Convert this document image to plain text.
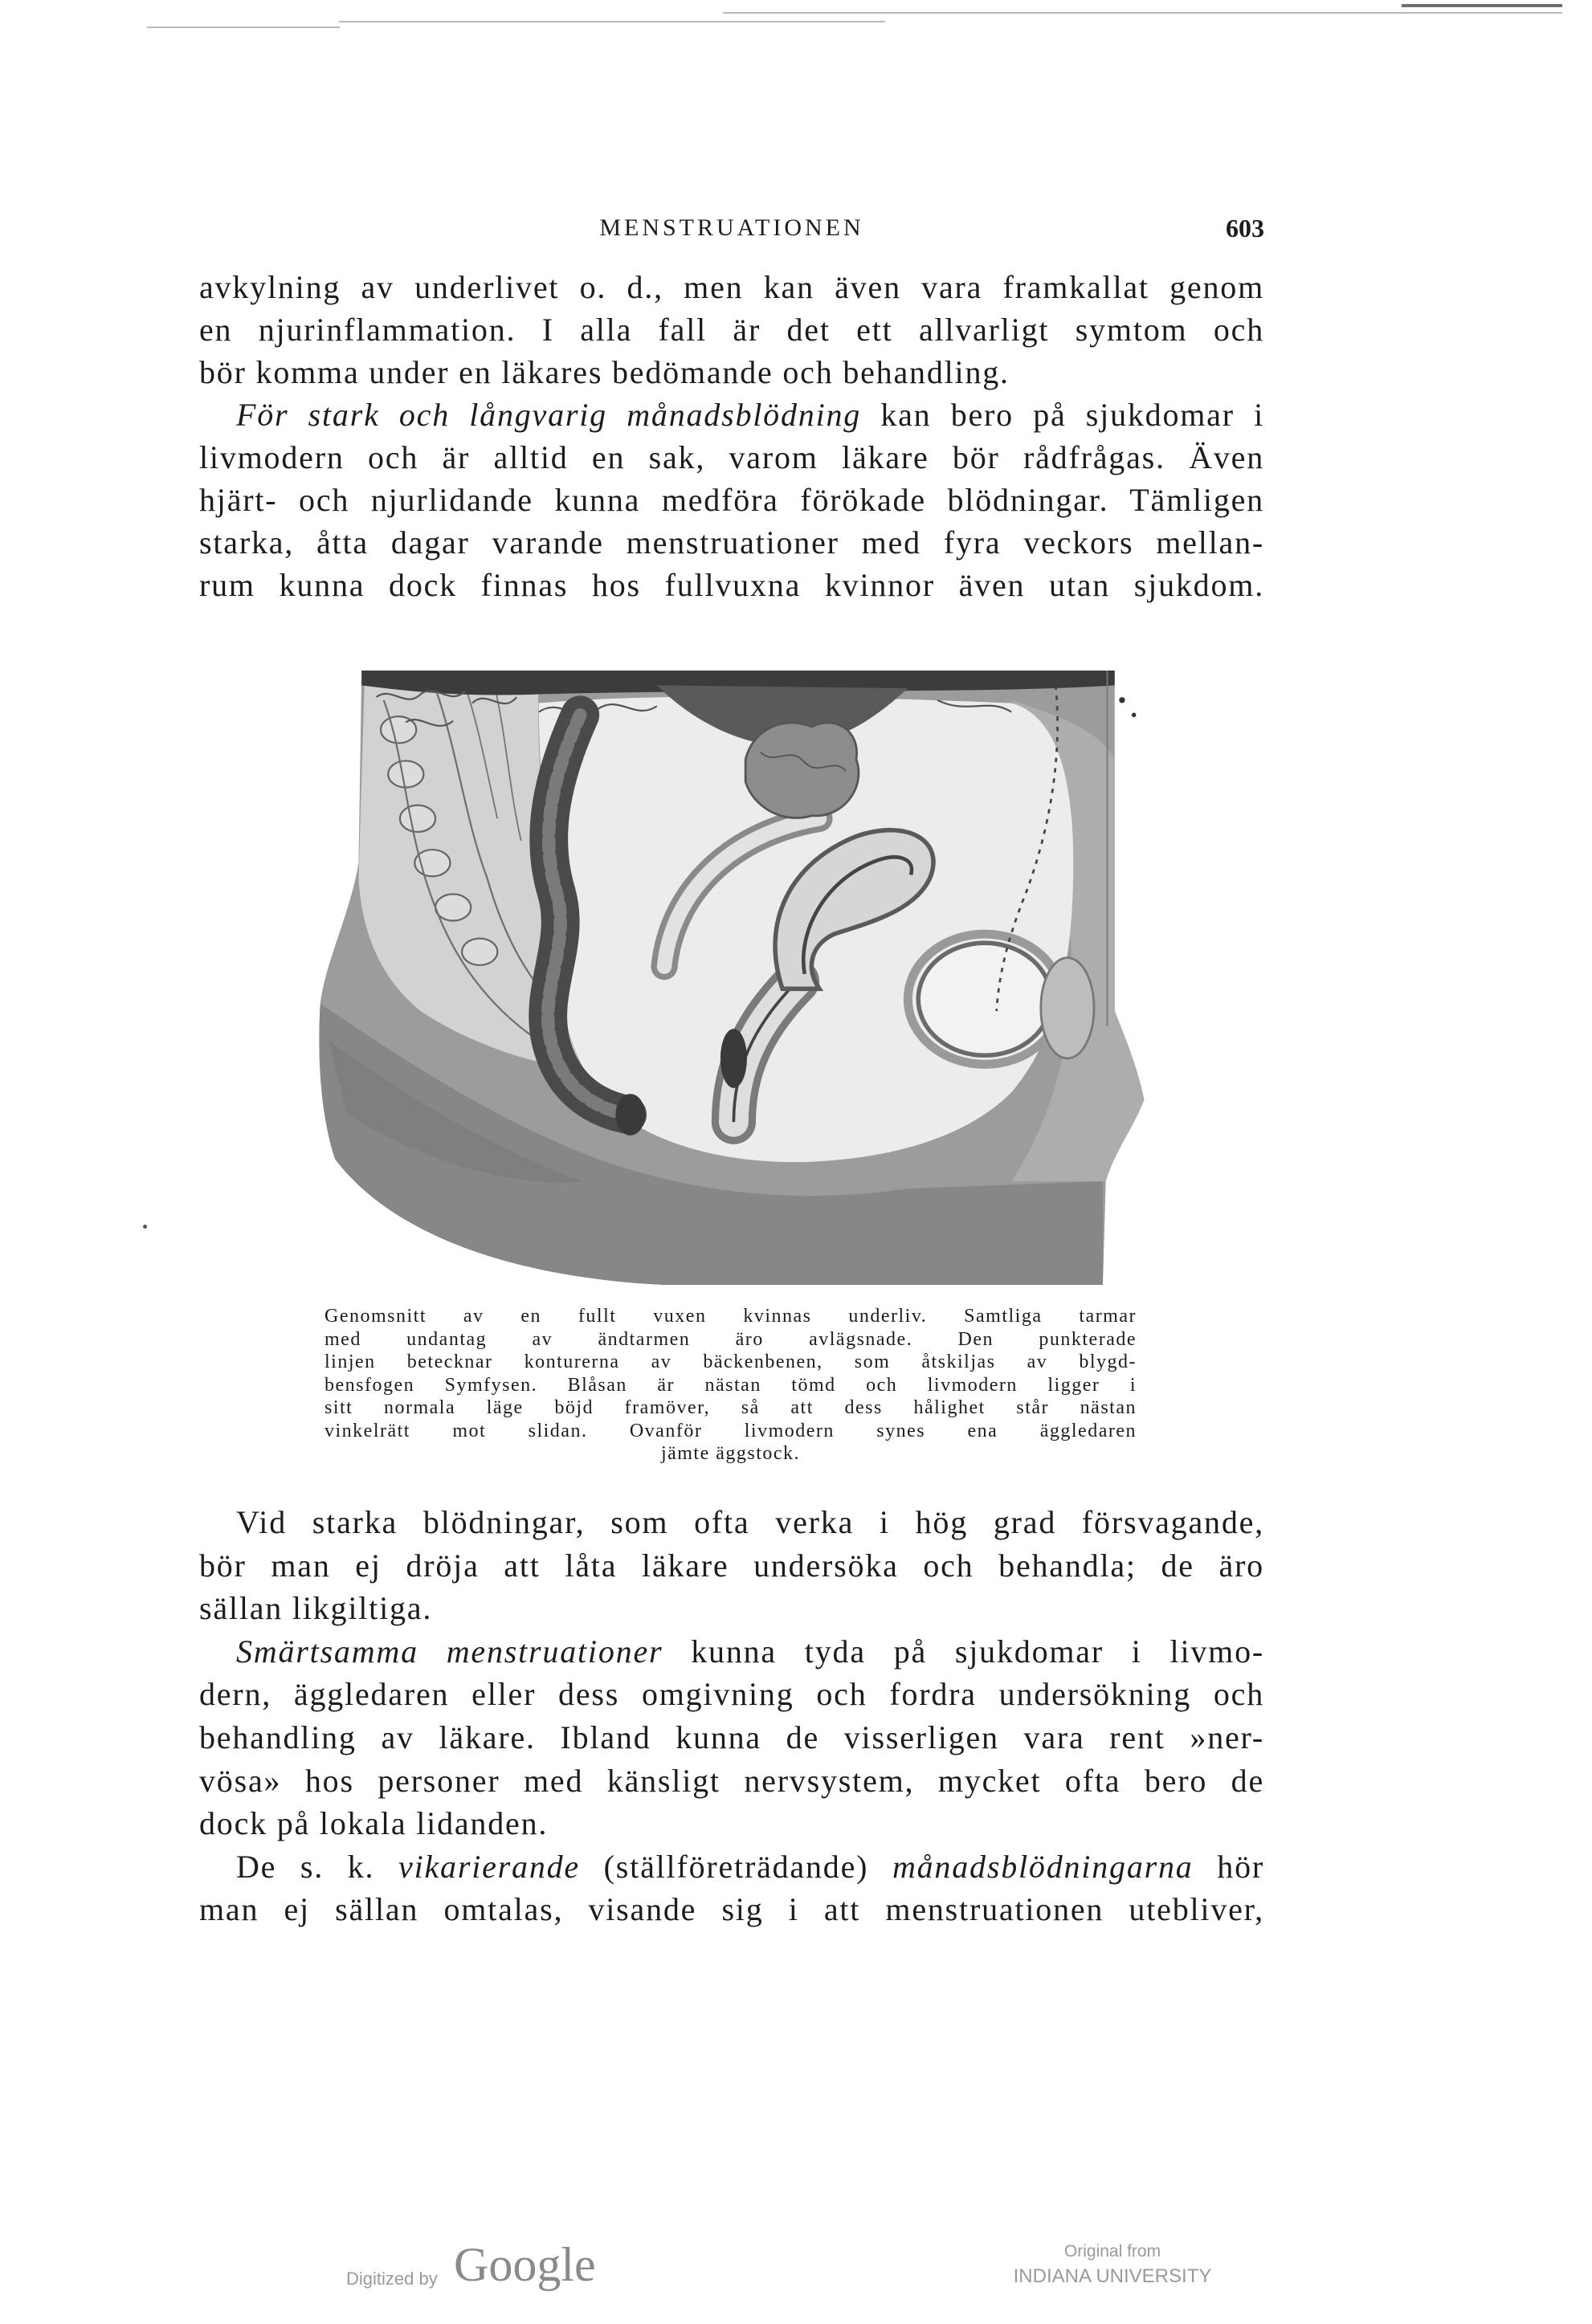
MENSTRUATIONEN	603
avkylning av underlivet o. d., men kan även vara framkallat genom
en njurinflammation. I alla fall är det ett allvarligt symtom och
bör komma under en läkares bedömande och behandling.
För stark och långvarig månadsblödning kan bero på sjukdomar i
livmodern och är alltid en sak, varom läkare bör rådfrågas. Även
hjärt- och njurlidande kunna medföra förökade blödningar. Tämligen
starka, åtta dagar varande menstruationer med fyra veckors mellan-
rum kunna dock finnas hos fullvuxna kvinnor även utan sjukdom.
Genomsnitt av en fullt vuxen kvinnas underliv. Samtliga tarmar
med undantag av ändtarmen äro avlägsnade. Den punkterade
linjen betecknar konturerna av bäckenbenen, som åtskiljas av blygd-
bensfogen Symfysen. Blåsan är nästan tömd och livmodern ligger i
sitt normala läge böjd framöver, så att dess hålighet står nästan
vinkelrätt mot slidan. Ovanför livmodern synes ena äggledaren
jämte äggstock.
Vid starka blödningar, som ofta verka i hög grad försvagande,
bör man ej dröja att låta läkare undersöka och behandla; de äro
sällan likgiltiga.
Smärtsamma menstruationer kunna tyda på sjukdomar i livmo-
dern, äggledaren eller dess omgivning och fordra undersökning och
behandling av läkare. Ibland kunna de visserligen vara rent »ner-
vösa» hos personer med känsligt nervsystem, mycket ofta bero de
dock på lokala lidanden.
De s. k. vikarierande (ställföreträdande) månadsblödningarna hör
man ej sällan omtalas, visande sig i att menstruationen utebliver,
Digitized by Google	Original from
INDIANA UNIVERSITY
